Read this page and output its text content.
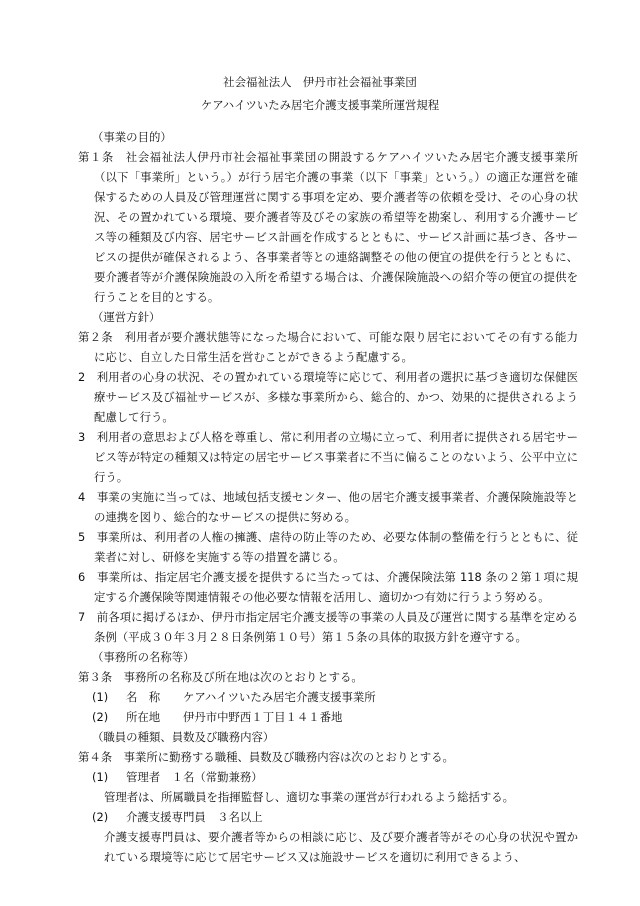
社会福祉法人　伊丹市社会福祉事業団
ケアハイツいたみ居宅介護支援事業所運営規程

（事業の目的）

第１条　社会福祉法人伊丹市社会福祉事業団の開設するケアハイツいたみ居宅介護支援事業所（以下「事業所」という。）が行う居宅介護の事業（以下「事業」という。）の適正な運営を確保するための人員及び管理運営に関する事項を定め、要介護者等の依頼を受け、その心身の状況、その置かれている環境、要介護者等及びその家族の希望等を勘案し、利用する介護サービス等の種類及び内容、居宅サービス計画を作成するとともに、サービス計画に基づき、各サービスの提供が確保されるよう、各事業者等との連絡調整その他の便宜の提供を行うとともに、要介護者等が介護保険施設の入所を希望する場合は、介護保険施設への紹介等の便宜の提供を行うことを目的とする。

（運営方針）

第２条　利用者が要介護状態等になった場合において、可能な限り居宅においてその有する能力に応じ、自立した日常生活を営むことができるよう配慮する。

2　利用者の心身の状況、その置かれている環境等に応じて、利用者の選択に基づき適切な保健医療サービス及び福祉サービスが、多様な事業所から、総合的、かつ、効果的に提供されるよう配慮して行う。

3　利用者の意思および人格を尊重し、常に利用者の立場に立って、利用者に提供される居宅サービス等が特定の種類又は特定の居宅サービス事業者に不当に偏ることのないよう、公平中立に行う。

4　事業の実施に当っては、地域包括支援センター、他の居宅介護支援事業者、介護保険施設等との連携を図り、総合的なサービスの提供に努める。

5　事業所は、利用者の人権の擁護、虐待の防止等のため、必要な体制の整備を行うとともに、従業者に対し、研修を実施する等の措置を講じる。

6　事業所は、指定居宅介護支援を提供するに当たっては、介護保険法第 118 条の２第１項に規定する介護保険等関連情報その他必要な情報を活用し、適切かつ有効に行うよう努める。

7　前各項に掲げるほか、伊丹市指定居宅介護支援等の事業の人員及び運営に関する基準を定める条例（平成３０年３月２８日条例第１０号）第１５条の具体的取扱方針を遵守する。

（事務所の名称等）

第３条　事務所の名称及び所在地は次のとおりとする。

(1) 名　称　　ケアハイツいたみ居宅介護支援事業所

(2) 所在地　　伊丹市中野西１丁目１４１番地

（職員の種類、員数及び職務内容）

第４条　事業所に勤務する職種、員数及び職務内容は次のとおりとする。

(1) 管理者　１名（常勤兼務）

管理者は、所属職員を指揮監督し、適切な事業の運営が行われるよう総括する。

(2) 介護支援専門員　３名以上

介護支援専門員は、要介護者等からの相談に応じ、及び要介護者等がその心身の状況や置かれている環境等に応じて居宅サービス又は施設サービスを適切に利用できるよう、
